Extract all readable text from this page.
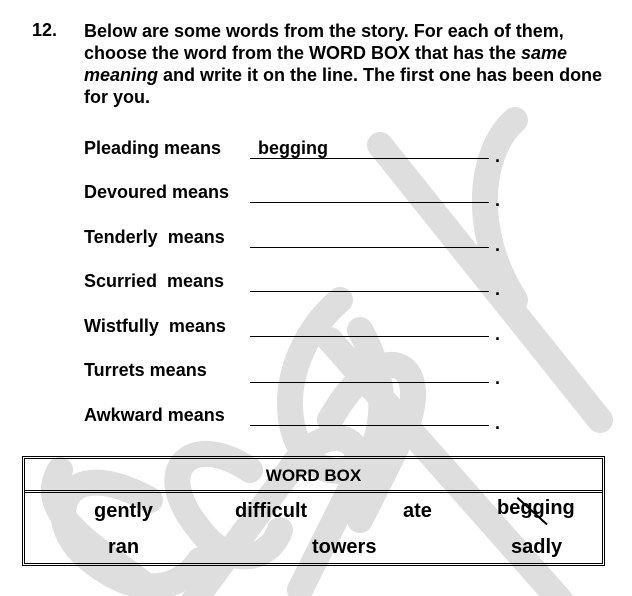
12. Below are some words from the story. For each of them, choose the word from the WORD BOX that has the same meaning and write it on the line. The first one has been done for you.
Pleading means begging	.
Devoured means	.
Tenderly  means	.
Scurried  means	.
Wistfully  means	.
Turrets means	.
Awkward means	.
WORD BOX
gently	difficult	ate	begging
ran	towers	sadly
